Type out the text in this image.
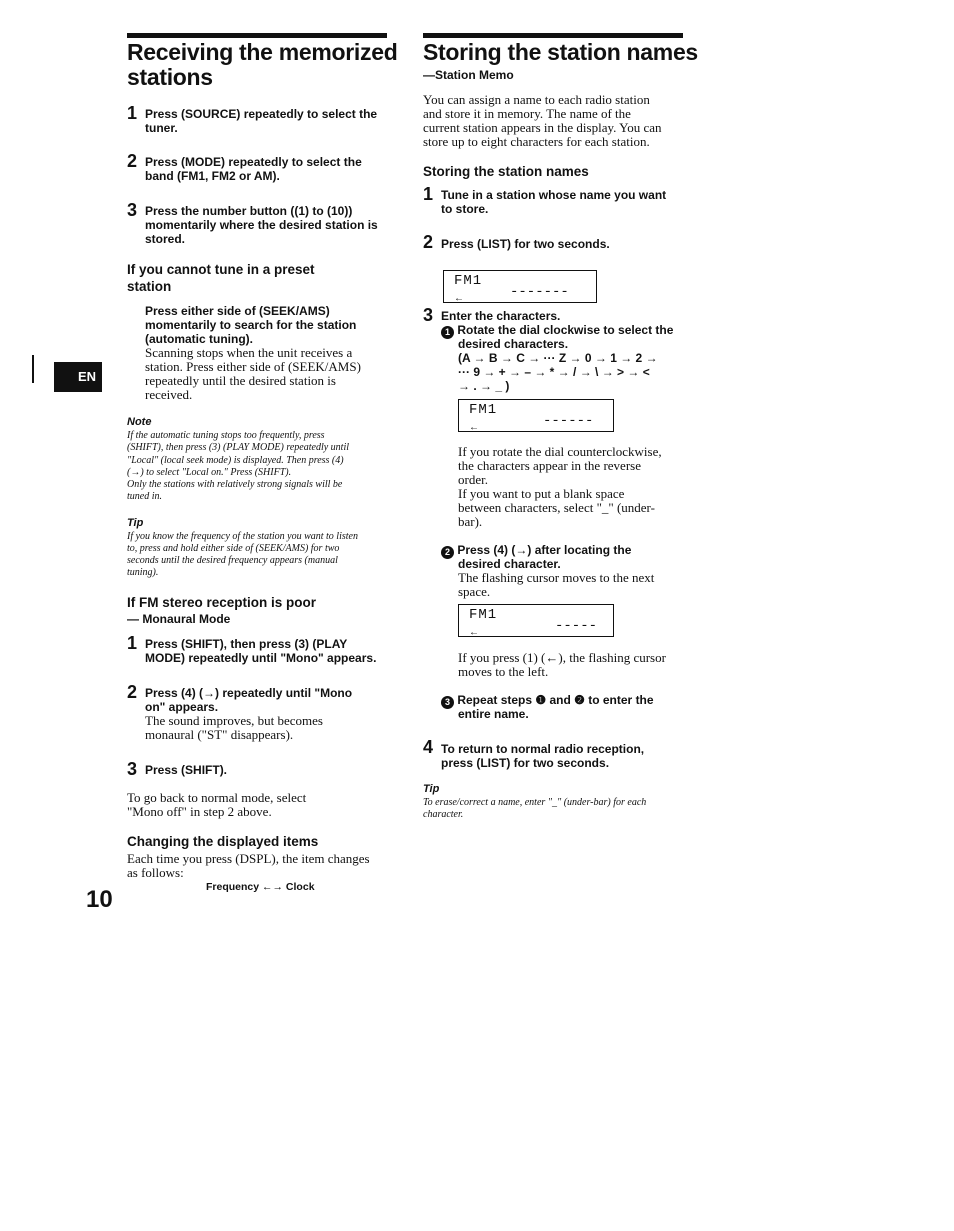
Receiving the memorized
stations
1 Press (SOURCE) repeatedly to select the
tuner.
2 Press (MODE) repeatedly to select the
band (FM1, FM2 or AM).
3 Press the number button ((1) to (10))
momentarily where the desired station is
stored.
If you cannot tune in a preset
station
Press either side of (SEEK/AMS)
momentarily to search for the station
(automatic tuning).
Scanning stops when the unit receives a
station. Press either side of (SEEK/AMS)
repeatedly until the desired station is
received.
Note
If the automatic tuning stops too frequently, press
(SHIFT), then press (3) (PLAY MODE) repeatedly until
"Local" (local seek mode) is displayed. Then press (4)
(→) to select "Local on." Press (SHIFT).
Only the stations with relatively strong signals will be
tuned in.
Tip
If you know the frequency of the station you want to listen
to, press and hold either side of (SEEK/AMS) for two
seconds until the desired frequency appears (manual
tuning).
If FM stereo reception is poor
— Monaural Mode
1 Press (SHIFT), then press (3) (PLAY
MODE) repeatedly until "Mono" appears.
2 Press (4) (→) repeatedly until "Mono
on" appears.
The sound improves, but becomes
monaural ("ST" disappears).
3 Press (SHIFT).
To go back to normal mode, select
"Mono off" in step 2 above.
Changing the displayed items
Each time you press (DSPL), the item changes
as follows:
Frequency ←→ Clock
EN
10
Storing the station names
—Station Memo
You can assign a name to each radio station
and store it in memory. The name of the
current station appears in the display. You can
store up to eight characters for each station.
Storing the station names
1 Tune in a station whose name you want
to store.
2 Press (LIST) for two seconds.
FM1
-------
←
3 Enter the characters.
1 Rotate the dial clockwise to select the
desired characters.
(A → B → C → ··· Z → 0 → 1 → 2 →
··· 9 → + → – → * → / → \ → > → <
→ . → _ )
FM1
------
←
If you rotate the dial counterclockwise,
the characters appear in the reverse
order.
If you want to put a blank space
between characters, select "_" (under-
bar).
2 Press (4) (→) after locating the
desired character.
The flashing cursor moves to the next
space.
FM1
-----
←
If you press (1) (←), the flashing cursor
moves to the left.
3 Repeat steps ❶ and ❷ to enter the
entire name.
4 To return to normal radio reception,
press (LIST) for two seconds.
Tip
To erase/correct a name, enter "_" (under-bar) for each
character.
